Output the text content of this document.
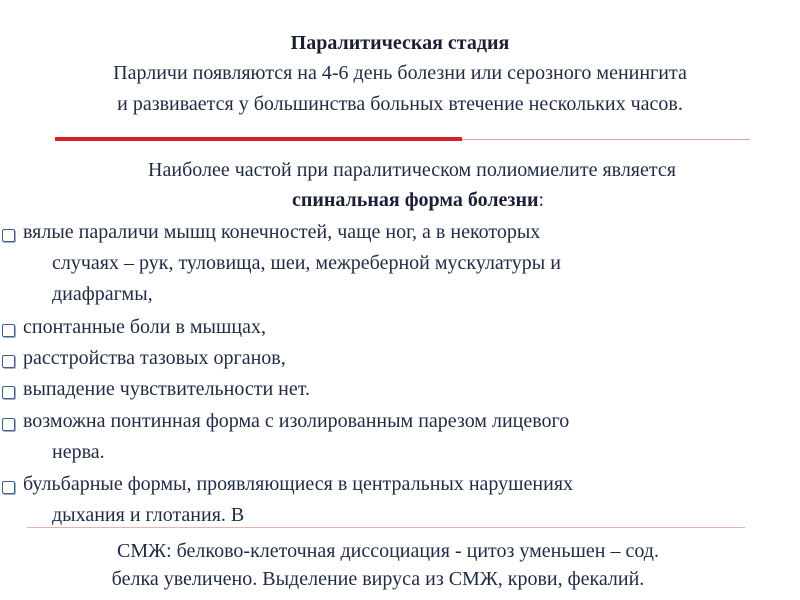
Паралитическая стадия
Парличи появляются на 4-6 день болезни или серозного менингита
и развивается у большинства больных втечение нескольких часов.
Наиболее частой при паралитическом полиомиелите является
спинальная форма болезни:
вялые параличи мышц конечностей, чаще ног, а в некоторых
случаях – рук, туловища, шеи, межреберной мускулатуры и
диафрагмы,
спонтанные боли в мышцах,
расстройства тазовых органов,
выпадение чувствительности нет.
возможна понтинная форма с изолированным парезом лицевого
нерва.
бульбарные формы, проявляющиеся в центральных нарушениях
дыхания и глотания. В
СМЖ: белково-клеточная диссоциация - цитоз уменьшен – сод.
белка увеличено. Выделение вируса из СМЖ, крови, фекалий.
